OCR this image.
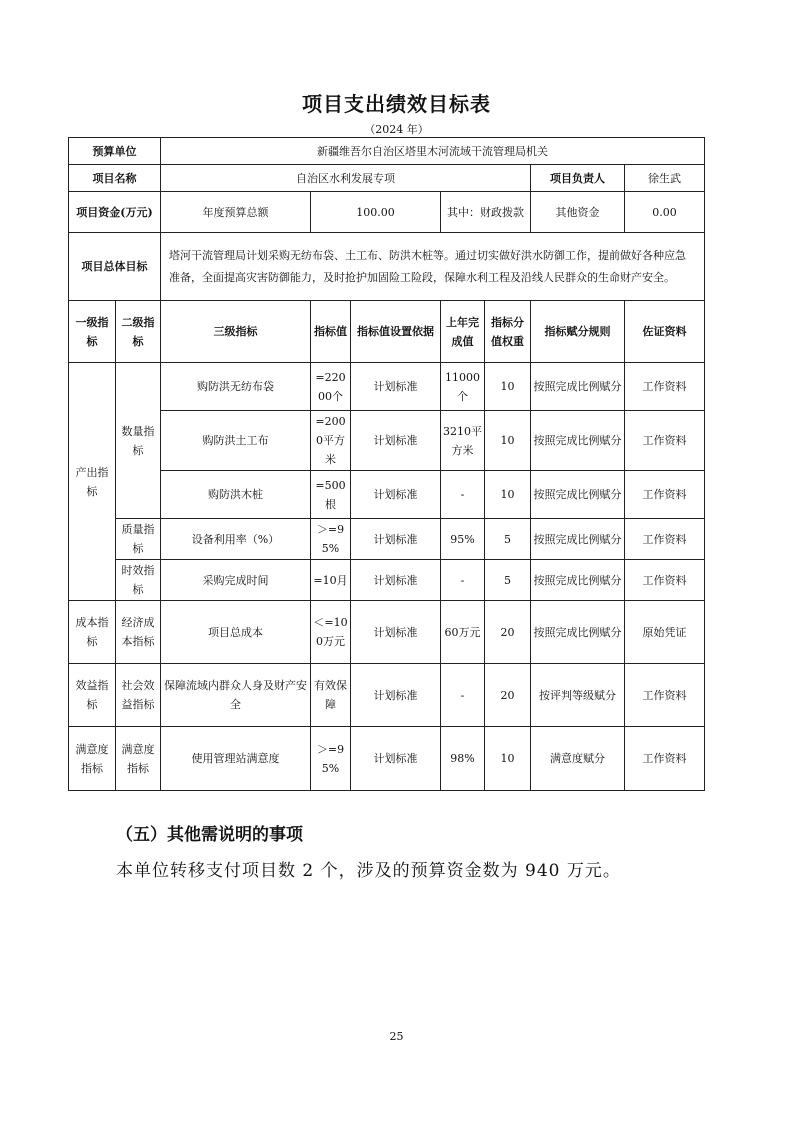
项目支出绩效目标表
（2024 年）
预算单位		新疆维吾尔自治区塔里木河流域干流管理局机关						
项目名称		自治区水利发展专项					项目负责人	徐生武
项目资金(万元)		年度预算总额	100.00		其中：财政拨款		其他资金	0.00
项目总体目标		塔河干流管理局计划采购无纺布袋、土工布、防洪木桩等。通过切实做好洪水防御工作，提前做好各种应急准备，全面提高灾害防御能力，及时抢护加固险工险段，保障水利工程及沿线人民群众的生命财产安全。						
一级指标	二级指标	三级指标	指标值	指标值设置依据	上年完成值	指标分值权重	指标赋分规则	佐证资料
产出指标	数量指标	购防洪无纺布袋	=22000个	计划标准	11000个	10	按照完成比例赋分	工作资料
		购防洪土工布	=2000平方米	计划标准	3210平方米	10	按照完成比例赋分	工作资料
		购防洪木桩	=500根	计划标准	-	10	按照完成比例赋分	工作资料
	质量指标	设备利用率（%）	＞=95%	计划标准	95%	5	按照完成比例赋分	工作资料
	时效指标	采购完成时间	=10月	计划标准	-	5	按照完成比例赋分	工作资料
成本指标	经济成本指标	项目总成本	＜=100万元	计划标准	60万元	20	按照完成比例赋分	原始凭证
效益指标	社会效益指标	保障流域内群众人身及财产安全	有效保障	计划标准	-	20	按评判等级赋分	工作资料
满意度指标	满意度指标	使用管理站满意度	＞=95%	计划标准	98%	10	满意度赋分	工作资料
（五）其他需说明的事项
本单位转移支付项目数 2 个，涉及的预算资金数为 940 万元。
25
